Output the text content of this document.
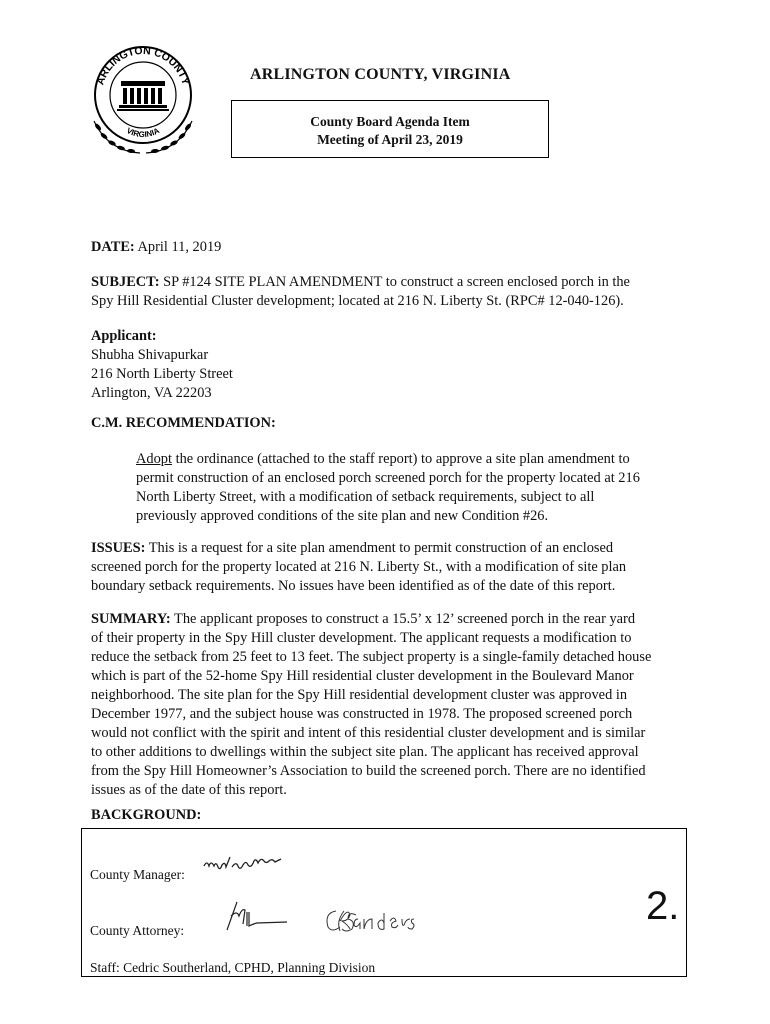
ARLINGTON COUNTY
VIRGINIA
ARLINGTON COUNTY, VIRGINIA
County Board Agenda Item
Meeting of April 23, 2019
DATE: April 11, 2019
SUBJECT: SP #124 SITE PLAN AMENDMENT to construct a screen enclosed porch in the
Spy Hill Residential Cluster development; located at 216 N. Liberty St. (RPC# 12-040-126).
Applicant:
Shubha Shivapurkar
216 North Liberty Street
Arlington, VA 22203
C.M. RECOMMENDATION:
Adopt the ordinance (attached to the staff report) to approve a site plan amendment to
permit construction of an enclosed porch screened porch for the property located at 216
North Liberty Street, with a modification of setback requirements, subject to all
previously approved conditions of the site plan and new Condition #26.
ISSUES: This is a request for a site plan amendment to permit construction of an enclosed
screened porch for the property located at 216 N. Liberty St., with a modification of site plan
boundary setback requirements. No issues have been identified as of the date of this report.
SUMMARY: The applicant proposes to construct a 15.5’ x 12’ screened porch in the rear yard
of their property in the Spy Hill cluster development. The applicant requests a modification to
reduce the setback from 25 feet to 13 feet. The subject property is a single-family detached house
which is part of the 52-home Spy Hill residential cluster development in the Boulevard Manor
neighborhood. The site plan for the Spy Hill residential development cluster was approved in
December 1977, and the subject house was constructed in 1978. The proposed screened porch
would not conflict with the spirit and intent of this residential cluster development and is similar
to other additions to dwellings within the subject site plan. The applicant has received approval
from the Spy Hill Homeowner’s Association to build the screened porch. There are no identified
issues as of the date of this report.
BACKGROUND:
County Manager:
County Attorney:
2.
Staff: Cedric Southerland, CPHD, Planning Division
